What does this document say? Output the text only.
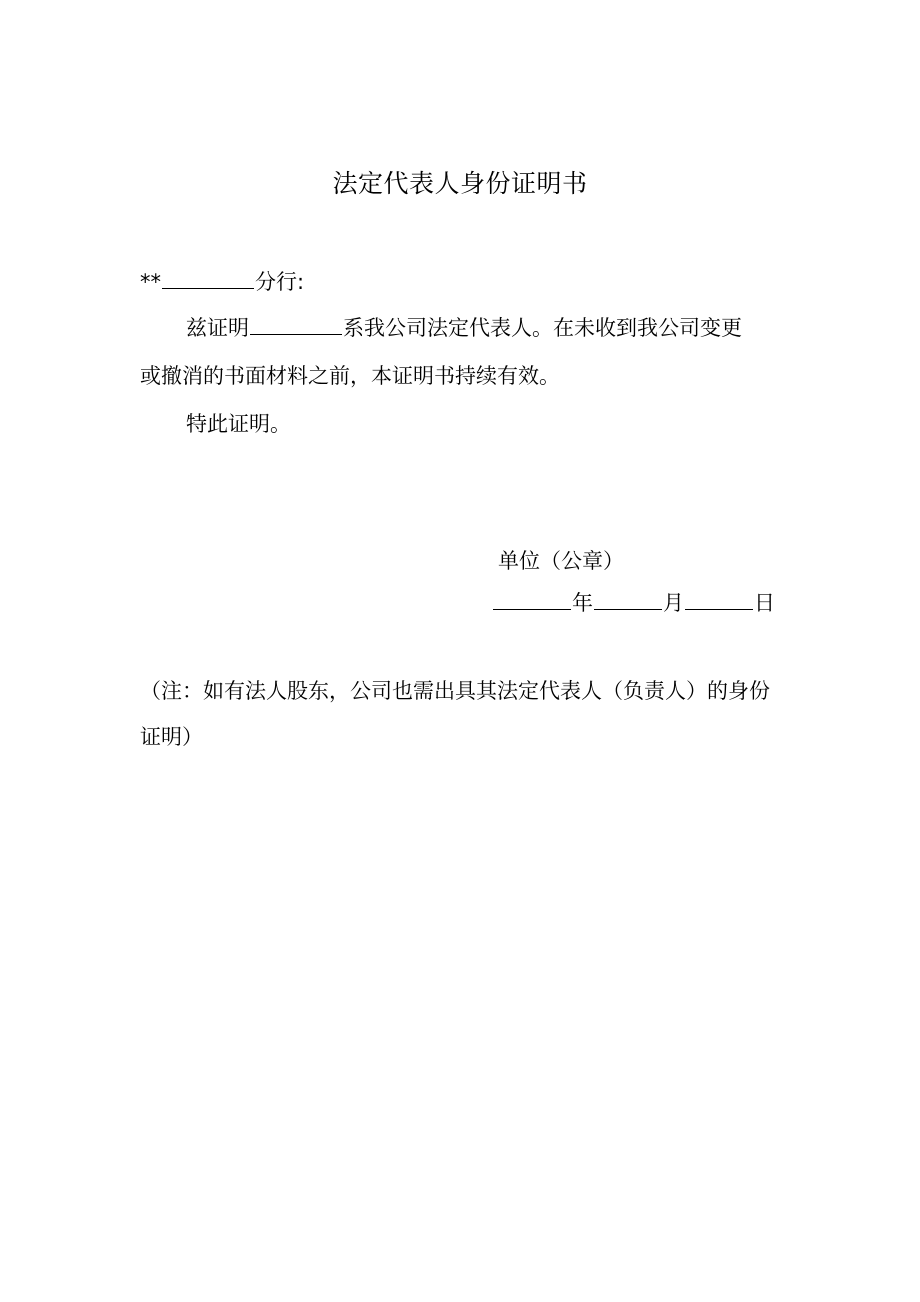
法定代表人身份证明书
**	分行:
兹证明	系我公司法定代表人。在未收到我公司变更
或撤消的书面材料之前，本证明书持续有效。
特此证明。
单位（公章）
年	月	日
（注：如有法人股东，公司也需出具其法定代表人（负责人）的身份
证明）
